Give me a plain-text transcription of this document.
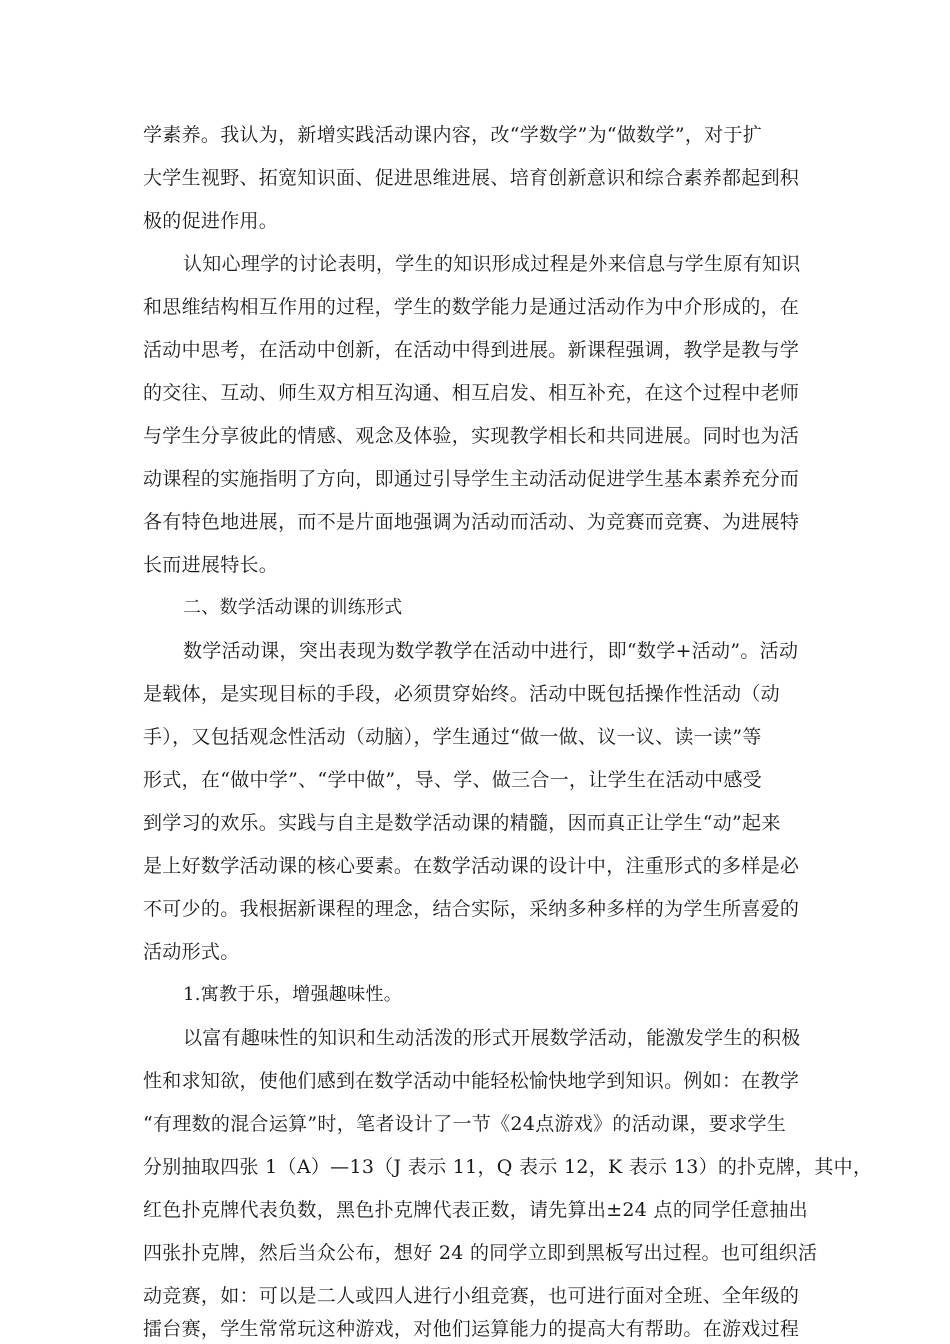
学素养。我认为，新增实践活动课内容，改“学数学”为“做数学”，对于扩
大学生视野、拓宽知识面、促进思维进展、培育创新意识和综合素养都起到积
极的促进作用。
认知心理学的讨论表明，学生的知识形成过程是外来信息与学生原有知识
和思维结构相互作用的过程，学生的数学能力是通过活动作为中介形成的，在
活动中思考，在活动中创新，在活动中得到进展。新课程强调，教学是教与学
的交往、互动、师生双方相互沟通、相互启发、相互补充，在这个过程中老师
与学生分享彼此的情感、观念及体验，实现教学相长和共同进展。同时也为活
动课程的实施指明了方向，即通过引导学生主动活动促进学生基本素养充分而
各有特色地进展，而不是片面地强调为活动而活动、为竞赛而竞赛、为进展特
长而进展特长。
二、数学活动课的训练形式
数学活动课，突出表现为数学教学在活动中进行，即“数学+活动”。活动
是载体，是实现目标的手段，必须贯穿始终。活动中既包括操作性活动（动
手），又包括观念性活动（动脑），学生通过“做一做、议一议、读一读”等
形式，在“做中学”、“学中做”，导、学、做三合一，让学生在活动中感受
到学习的欢乐。实践与自主是数学活动课的精髓，因而真正让学生“动”起来
是上好数学活动课的核心要素。在数学活动课的设计中，注重形式的多样是必
不可少的。我根据新课程的理念，结合实际，采纳多种多样的为学生所喜爱的
活动形式。
1.寓教于乐，增强趣味性。
以富有趣味性的知识和生动活泼的形式开展数学活动，能激发学生的积极
性和求知欲，使他们感到在数学活动中能轻松愉快地学到知识。例如：在教学
“有理数的混合运算”时，笔者设计了一节《24点游戏》的活动课，要求学生
分别抽取四张 1（A）—13（J 表示 11，Q 表示 12，K 表示 13）的扑克牌，其中，
红色扑克牌代表负数，黑色扑克牌代表正数，请先算出±24 点的同学任意抽出
四张扑克牌，然后当众公布，想好 24 的同学立即到黑板写出过程。也可组织活
动竞赛，如：可以是二人或四人进行小组竞赛，也可进行面对全班、全年级的
擂台赛，学生常常玩这种游戏，对他们运算能力的提高大有帮助。在游戏过程
